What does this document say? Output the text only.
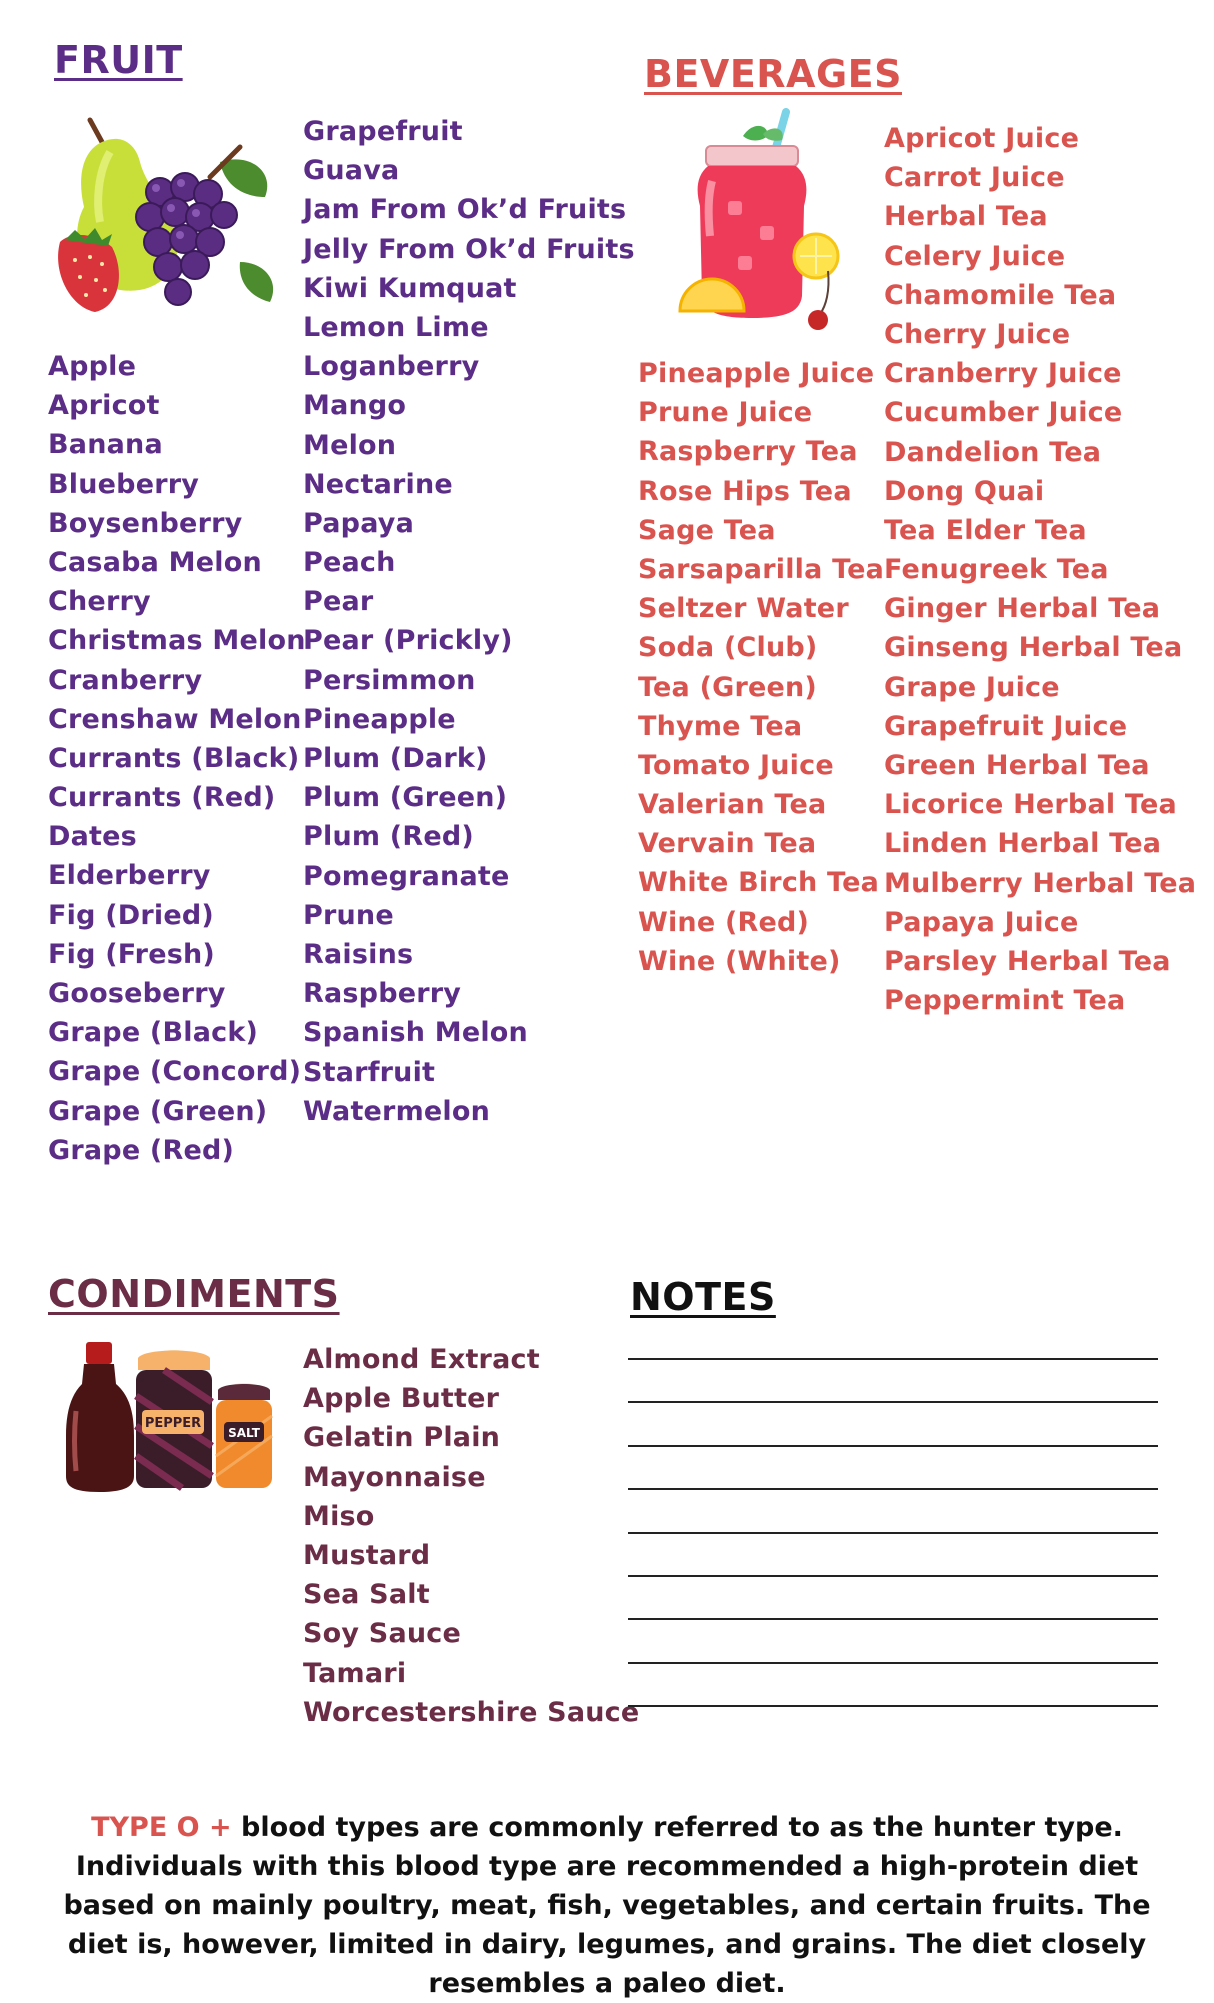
FRUIT
Apple
Apricot
Banana
Blueberry
Boysenberry
Casaba Melon
Cherry
Christmas Melon
Cranberry
Crenshaw Melon
Currants (Black)
Currants (Red)
Dates
Elderberry
Fig (Dried)
Fig (Fresh)
Gooseberry
Grape (Black)
Grape (Concord)
Grape (Green)
Grape (Red)
Grapefruit
Guava
Jam From Ok’d Fruits
Jelly From Ok’d Fruits
Kiwi Kumquat
Lemon Lime
Loganberry
Mango
Melon
Nectarine
Papaya
Peach
Pear
Pear (Prickly)
Persimmon
Pineapple
Plum (Dark)
Plum (Green)
Plum (Red)
Pomegranate
Prune
Raisins
Raspberry
Spanish Melon
Starfruit
Watermelon
BEVERAGES
Pineapple Juice
Prune Juice
Raspberry Tea
Rose Hips Tea
Sage Tea
Sarsaparilla Tea
Seltzer Water
Soda (Club)
Tea (Green)
Thyme Tea
Tomato Juice
Valerian Tea
Vervain Tea
White Birch Tea
Wine (Red)
Wine (White)
Apricot Juice
Carrot Juice
Herbal Tea
Celery Juice
Chamomile Tea
Cherry Juice
Cranberry Juice
Cucumber Juice
Dandelion Tea
Dong Quai
Tea Elder Tea
Fenugreek Tea
Ginger Herbal Tea
Ginseng Herbal Tea
Grape Juice
Grapefruit Juice
Green Herbal Tea
Licorice Herbal Tea
Linden Herbal Tea
Mulberry Herbal Tea
Papaya Juice
Parsley Herbal Tea
Peppermint Tea
CONDIMENTS
PEPPER
SALT
Almond Extract
Apple Butter
Gelatin Plain
Mayonnaise
Miso
Mustard
Sea Salt
Soy Sauce
Tamari
Worcestershire Sauce
NOTES
TYPE O + blood types are commonly referred to as the hunter type. Individuals with this blood type are recommended a high-protein diet based on mainly poultry, meat, fish, vegetables, and certain fruits. The diet is, however, limited in dairy, legumes, and grains. The diet closely resembles a paleo diet.
